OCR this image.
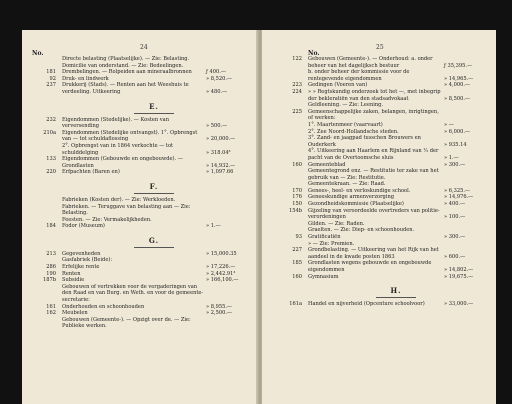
24
No.
Directe belasting (Plaatselijke). — Zie: Belasting.
Domicilie van onderstand. — Zie: Bedeelingen.
181 Drembelingen. — Rolpeiden aan mineraalbronnen	ƒ 400.—
92 Druk- en lindwerk	» 8,520.—
237 Drukkerij (Stads). — Renten aan het Weeshuis te verdeeling. Uitkeering	» 480.—
E.
232 Eigendommen (Stedelijke). — Kosten van verversending	» 500.—
210a Eigendommen (Stedelijke ontvangst). 1°. Opbrengst van — tot schuldaflossing	» 20,000.—
2°. Opbrengst van in 1864 verkochte — tot schulddelging	» 318.04³
133 Eigendommen (Gebouwde en ongebouwde). — Grondlasten	» 14,932.—
220 Erfpachten (Baren en)	» 1,097.66
F.
Fabrieken (Kosten der). — Zie: Werkloeden.
Fabrieken. — Teruggave van belasting aan — Zie: Belasting.
Feesten. — Zie: Vermakelijkheden.
184 Fodor (Museum)	» 1.—
G.
213 Gegevenheden	» 15,000.35
Gasfabriek (Beide):
286 Erfelijke rente	» 17,226.—
190 Renten	» 2,442.91³
187b Subsidie	» 166,100.—
Gebouwen of vertrekken voor de vergaderingen van den Raad en van Burg. en Weth. en voor de gemeente-secretarie:
161 Onderhouden en schoonhouden	» 8,955.—
162 Meubelen	» 2,500.—
Gebouwen (Gemeente-). — Opzigt over de. — Zie: Publieke werken.
25
No.
122 Gebouwen (Gemeente-). — Onderhoud: a. onder beheer van het dagelijksch bestuur	ƒ 35,395.—
b. onder beheer der kommissie voor de rentegevende eigendommen	» 14,965.—
223 Gedingen (Voeren van)	» 4,000.—
224 » » Regtskundig onderzoek tot het —, met inbegrip der bekleratiën van den stadsadvokaat	» 8,500.—
Geldleening. — Zie: Leening.
225 Gemeenschappelijke zaken, belangen, inrigtingen, of werken:
1°. Maartenmeer (vaarvaart)	» —
2°. Zee Noord-Hollandsche steden.	» 6,000.—
3°. Zand- en jaagpad tusschen Brouwers en Ouderkerk	» 935.14
4°. Uitkeering aan Haarlem en Rijnland van ¹⁄₃ der pacht van de Overtoomsche sluis	» 1.—
160 Gemeenteblad	» 300.—
Gemeentegrond enz. — Restitutie ter zake van het gebruik van — Zie: Restitutie.
Gemeentekraan. — Zie: Raad.
170 Genees-, heel- en verloskundige school.	» 6,325.—
176 Geneeskundige armenverzorging	» 14,976.—
150 Gezondheidskommissie (Plaatselijke)	» 400.—
154b Gijzeling van veroordeelde overtreders van politie-verordeningen	» 100.—
Gilden. — Zie: Raden.
Graelten. — Zie: Diep- en schoonhouden.
93 Gratificatiën	» 300.—
» — Zie: Premien.
227 Grondbelasting. — Uitkeering van het Rijk van het aandeel in de kwade posten 1863	» 600.—
185 Grondlasten wegens gebouwde en ongebouwde eigendommen	» 14,802.—
160 Gymnasium	» 19,675.—
H.
161a Handel en nijverheid (Opcenture schoolvoor)	» 33,000.—
